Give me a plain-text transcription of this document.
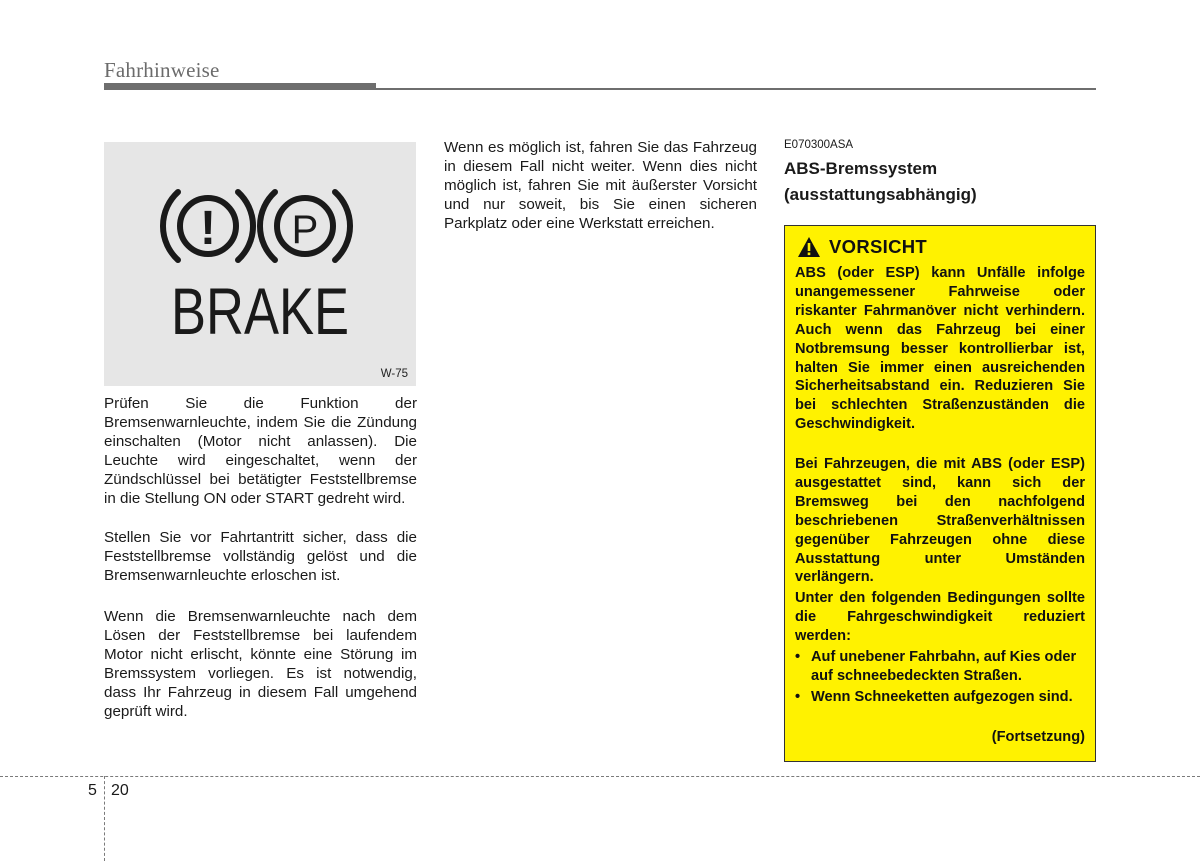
Fahrhinweise
! P
BRAKE
W-75

Prüfen Sie die Funktion der Bremsenwarnleuchte, indem Sie die Zündung einschalten (Motor nicht anlassen). Die Leuchte wird eingeschaltet, wenn der Zündschlüssel bei betätigter Feststellbremse in die Stellung ON oder START gedreht wird.

Stellen Sie vor Fahrtantritt sicher, dass die Feststellbremse vollständig gelöst und die Bremsenwarnleuchte erloschen ist.

Wenn die Bremsenwarnleuchte nach dem Lösen der Feststellbremse bei laufendem Motor nicht erlischt, könnte eine Störung im Bremssystem vorliegen. Es ist notwendig, dass Ihr Fahrzeug in diesem Fall umgehend geprüft wird.

Wenn es möglich ist, fahren Sie das Fahrzeug in diesem Fall nicht weiter. Wenn dies nicht möglich ist, fahren Sie mit äußerster Vorsicht und nur soweit, bis Sie einen sicheren Parkplatz oder eine Werkstatt erreichen.

E070300ASA
ABS-Bremssystem
(ausstattungsabhängig)
VORSICHT

ABS (oder ESP) kann Unfälle infolge unangemessener Fahrweise oder riskanter Fahrmanöver nicht verhindern. Auch wenn das Fahrzeug bei einer Notbremsung besser kontrollierbar ist, halten Sie immer einen ausreichenden Sicherheitsabstand ein. Reduzieren Sie bei schlechten Straßenzuständen die Geschwindigkeit.

Bei Fahrzeugen, die mit ABS (oder ESP) ausgestattet sind, kann sich der Bremsweg bei den nachfolgend beschriebenen Straßenverhältnissen gegenüber Fahrzeugen ohne diese Ausstattung unter Umständen verlängern.

Unter den folgenden Bedingungen sollte die Fahrgeschwindigkeit reduziert werden:

• Auf unebener Fahrbahn, auf Kies oder auf schneebedeckten Straßen.
• Wenn Schneeketten aufgezogen sind.
(Fortsetzung)
5 20
